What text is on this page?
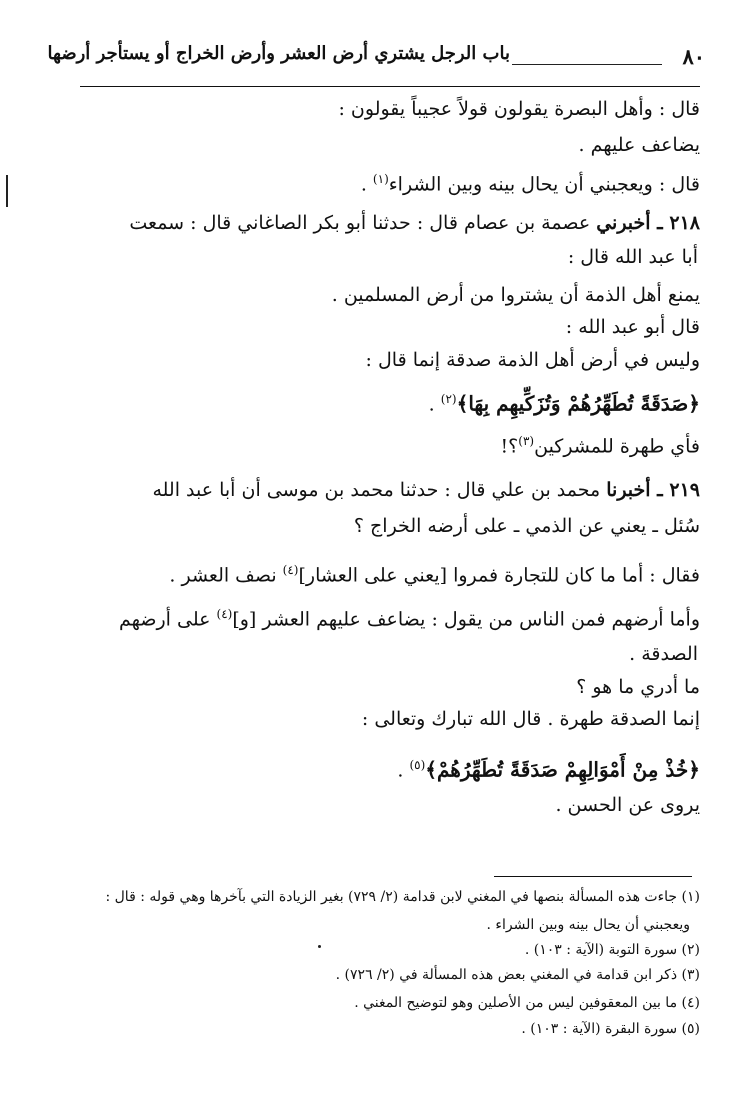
٨٠
باب الرجل يشتري أرض العشر وأرض الخراج أو يستأجر أرضها
قال : وأهل البصرة يقولون قولاً عجيباً يقولون :
يضاعف عليهم .
قال : ويعجبني أن يحال بينه وبين الشراء$^{(١)}$ .
٢١٨ ـ أخبرني عصمة بن عصام قال : حدثنا أبو بكر الصاغاني قال : سمعت
أبا عبد الله قال :
يمنع أهل الذمة أن يشتروا من أرض المسلمين .
قال أبو عبد الله :
وليس في أرض أهل الذمة صدقة إنما قال :
﴿صَدَقَةً تُطَهِّرُهُمْ وَتُزَكِّيهِم بِهَا﴾$^{(٢)}$ .
فأي طهرة للمشركين$^{(٣)}$؟!
٢١٩ ـ أخبرنا محمد بن علي قال : حدثنا محمد بن موسى أن أبا عبد الله
سُئل ـ يعني عن الذمي ـ على أرضه الخراج ؟
فقال : أما ما كان للتجارة فمروا [يعني على العشار]$^{(٤)}$ نصف العشر .
وأما أرضهم فمن الناس من يقول : يضاعف عليهم العشر [و]$^{(٤)}$ على أرضهم
الصدقة .
ما أدري ما هو ؟
إنما الصدقة طهرة . قال الله تبارك وتعالى :
﴿خُذْ مِنْ أَمْوَالِهِمْ صَدَقَةً تُطَهِّرُهُمْ﴾$^{(٥)}$ .
يروى عن الحسن .
(١) جاءت هذه المسألة بنصها في المغني لابن قدامة (٢/ ٧٢٩) بغير الزيادة التي بآخرها وهي قوله : قال :
ويعجبني أن يحال بينه وبين الشراء .
(٢) سورة التوبة (الآية : ١٠٣) .
(٣) ذكر ابن قدامة في المغني بعض هذه المسألة في (٢/ ٧٢٦) .
(٤) ما بين المعقوفين ليس من الأصلين وهو لتوضيح المغني .
(٥) سورة البقرة (الآية : ١٠٣) .
